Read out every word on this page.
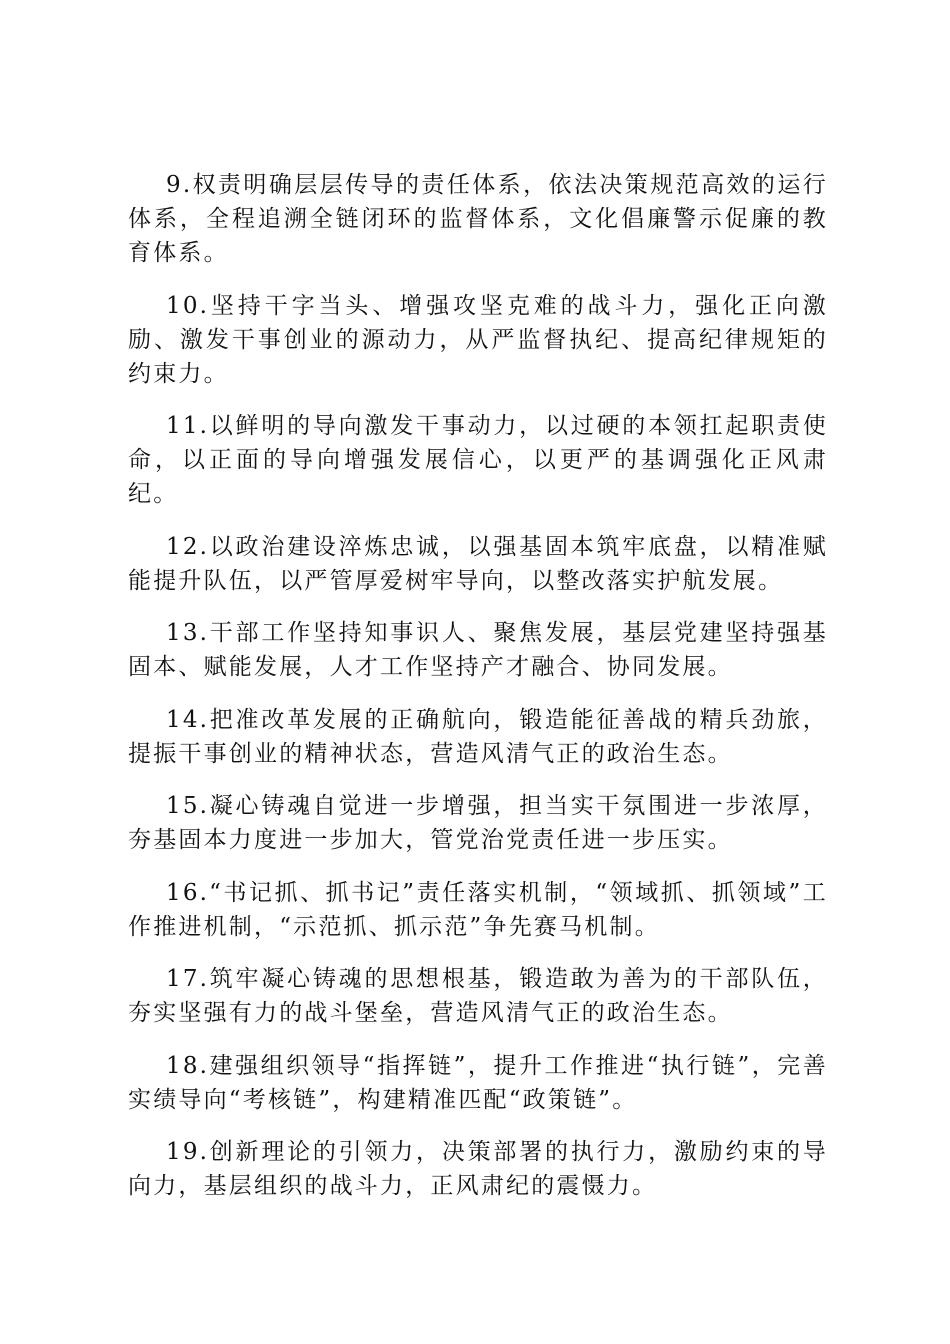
9.权责明确层层传导的责任体系，依法决策规范高效的运行体系，全程追溯全链闭环的监督体系，文化倡廉警示促廉的教育体系。

10.坚持干字当头、增强攻坚克难的战斗力，强化正向激励、激发干事创业的源动力，从严监督执纪、提高纪律规矩的约束力。

11.以鲜明的导向激发干事动力，以过硬的本领扛起职责使命，以正面的导向增强发展信心，以更严的基调强化正风肃纪。

12.以政治建设淬炼忠诚，以强基固本筑牢底盘，以精准赋能提升队伍，以严管厚爱树牢导向，以整改落实护航发展。

13.干部工作坚持知事识人、聚焦发展，基层党建坚持强基固本、赋能发展，人才工作坚持产才融合、协同发展。

14.把准改革发展的正确航向，锻造能征善战的精兵劲旅，提振干事创业的精神状态，营造风清气正的政治生态。

15.凝心铸魂自觉进一步增强，担当实干氛围进一步浓厚，夯基固本力度进一步加大，管党治党责任进一步压实。

16.“书记抓、抓书记”责任落实机制，“领域抓、抓领域”工作推进机制，“示范抓、抓示范”争先赛马机制。

17.筑牢凝心铸魂的思想根基，锻造敢为善为的干部队伍，夯实坚强有力的战斗堡垒，营造风清气正的政治生态。

18.建强组织领导“指挥链”，提升工作推进“执行链”，完善实绩导向“考核链”，构建精准匹配“政策链”。

19.创新理论的引领力，决策部署的执行力，激励约束的导向力，基层组织的战斗力，正风肃纪的震慑力。
